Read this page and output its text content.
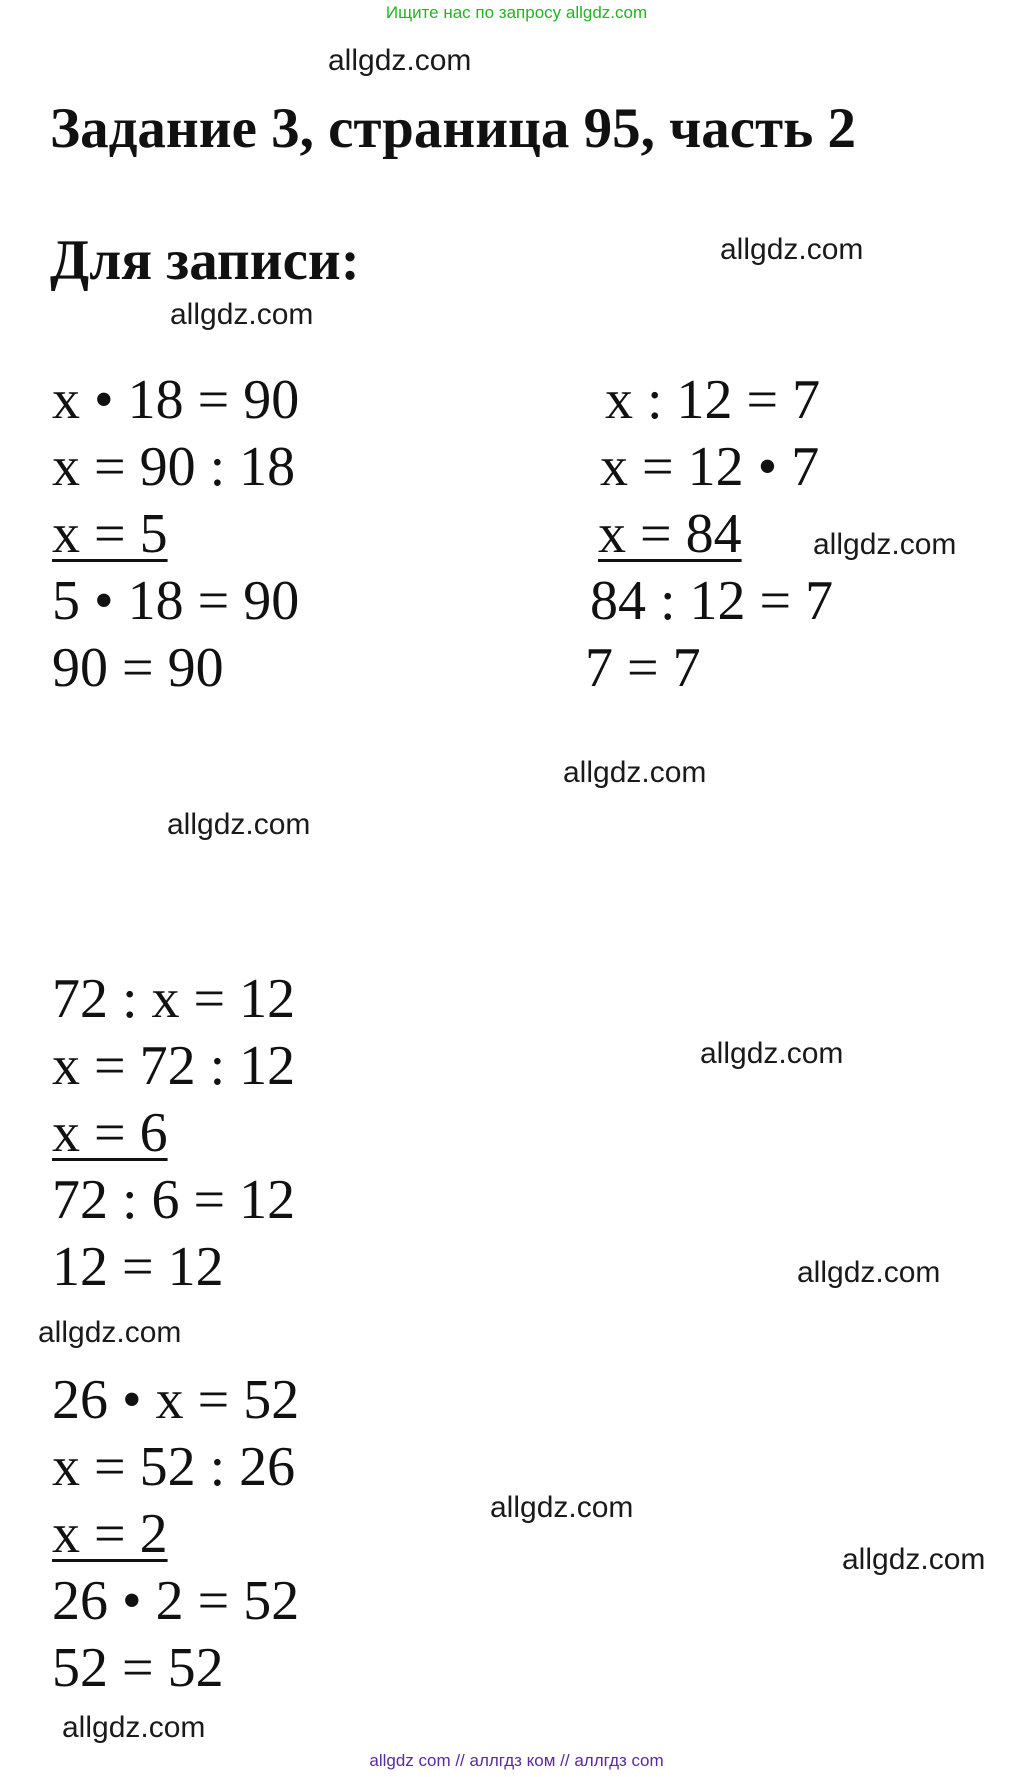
Ищите нас по запросу allgdz.com
allgdz.com
allgdz.com
allgdz.com
allgdz.com
allgdz.com
allgdz.com
allgdz.com
allgdz.com
allgdz.com
allgdz.com
allgdz.com
allgdz.com
Задание 3, страница 95, часть 2
Для записи:
x • 18 = 90
x = 90 : 18
x = 5
5 • 18 = 90
90 = 90
x : 12 = 7
x = 12 • 7
x = 84
84 : 12 = 7
7 = 7
72 : x = 12
x = 72 : 12
x = 6
72 : 6 = 12
12 = 12
26 • x = 52
x = 52 : 26
x = 2
26 • 2 = 52
52 = 52
allgdz com // аллгдз ком // аллгдз com
